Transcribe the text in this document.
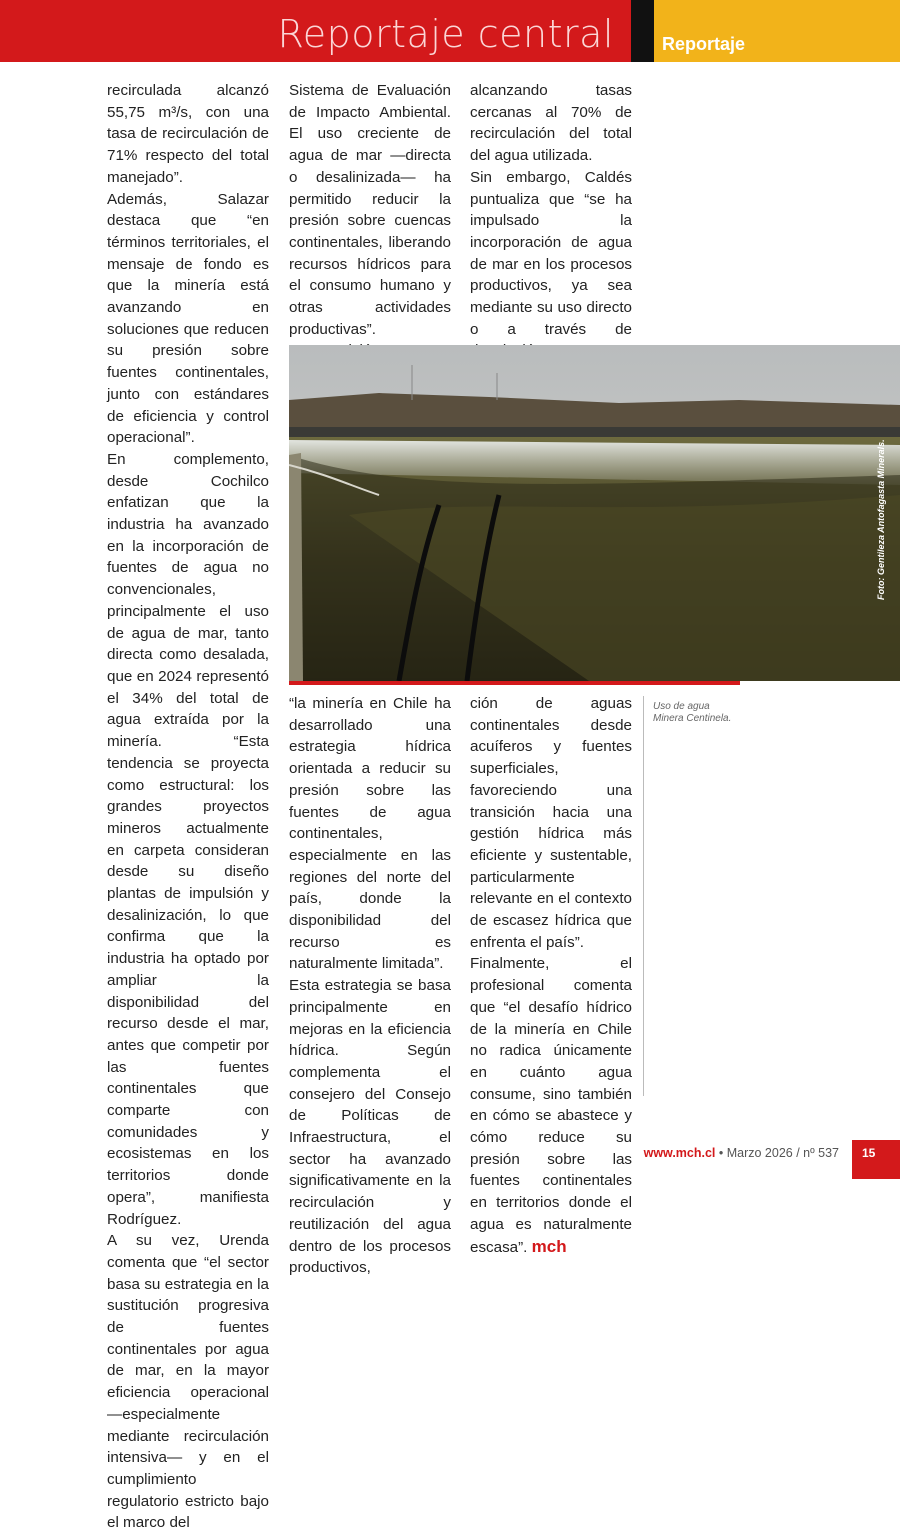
Reportaje central	Reportaje

recirculada alcanzó 55,75 m³/s, con una tasa de recirculación de 71% respecto del total manejado”.

Además, Salazar destaca que “en términos territoriales, el mensaje de fondo es que la minería está avanzando en soluciones que reducen su presión sobre fuentes continentales, junto con estándares de eficiencia y control operacional”.

En complemento, desde Cochilco enfatizan que la industria ha avanzado en la incorporación de fuentes de agua no convencionales, principalmente el uso de agua de mar, tanto directa como desalada, que en 2024 representó el 34% del total de agua extraída por la minería. “Esta tendencia se proyecta como estructural: los grandes proyectos mineros actualmente en carpeta consideran desde su diseño plantas de impulsión y desalinización, lo que confirma que la industria ha optado por ampliar la disponibilidad del recurso desde el mar, antes que competir por las fuentes continentales que comparte con comunidades y ecosistemas en los territorios donde opera”, manifiesta Rodríguez.

A su vez, Urenda comenta que “el sector basa su estrategia en la sustitución progresiva de fuentes continentales por agua de mar, en la mayor eficiencia operacional —especialmente mediante recirculación intensiva— y en el cumplimiento regulatorio estricto bajo el marco del

Sistema de Evaluación de Impacto Ambiental. El uso creciente de agua de mar —directa o desalinizada— ha permitido reducir la presión sobre cuencas continentales, liberando recursos hídricos para el consumo humano y otras actividades productivas”.

alcanzando tasas cercanas al 70% de recirculación del total del agua utilizada.

Sin embargo, Caldés puntualiza que “se ha impulsado la incorporación de agua de mar en los procesos productivos, ya sea mediante su uso directo o a través de

Foto: Gentileza Antofagasta Minerals.
Uso de agua Minera Centinela.

“la minería en Chile ha desarrollado una estrategia hídrica orientada a reducir su presión sobre las fuentes de agua continentales, especialmente en las regiones del norte del país, donde la disponibilidad del recurso es naturalmente limitada”.

Esta estrategia se basa principalmente en mejoras en la eficiencia hídrica. Según complementa el consejero del Consejo de Políticas de Infraestructura, el sector ha avanzado significativamente en la recirculación y reutilización del agua dentro de los procesos productivos,

ción de aguas continentales desde acuíferos y fuentes superficiales, favoreciendo una transición hacia una gestión hídrica más eficiente y sustentable, particularmente relevante en el contexto de escasez hídrica que enfrenta el país”.

Finalmente, el profesional comenta que “el desafío hídrico de la minería en Chile no radica únicamente en cuánto agua consume, sino también en cómo se abastece y cómo reduce su presión sobre las fuentes continentales en territorios donde el agua es naturalmente escasa”. mch

www.mch.cl • Marzo 2026 / nº 537 15
